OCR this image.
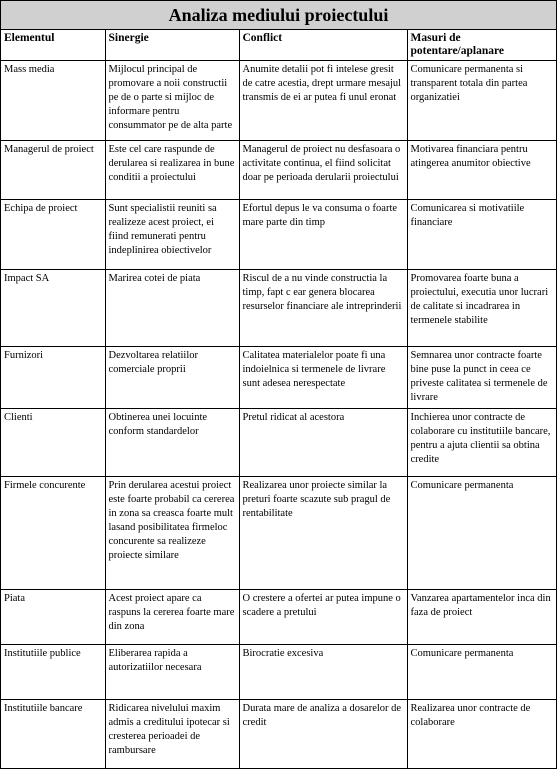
Analiza mediului proiectului
Elementul	Sinergie	Conflict	Masuri de potentare/aplanare
Mass media	Mijlocul principal de promovare a noii constructii pe de o parte si mijloc de informare pentru consummator pe de alta parte	Anumite detalii pot fi intelese gresit de catre acestia, drept urmare mesajul transmis de ei ar putea fi unul eronat	Comunicare permanenta si transparent totala din partea organizatiei
Managerul de proiect	Este cel care raspunde de derularea si realizarea in bune conditii a proiectului	Managerul de proiect nu desfasoara o activitate continua, el fiind solicitat doar pe perioada derularii proiectului	Motivarea financiara pentru atingerea anumitor obiective
Echipa de proiect	Sunt specialistii reuniti sa realizeze acest proiect, ei fiind remunerati pentru indeplinirea obiectivelor	Efortul depus le va consuma o foarte mare parte din timp	Comunicarea si motivatiile financiare
Impact SA	Marirea cotei de piata	Riscul de a nu vinde constructia la timp, fapt c ear genera blocarea resurselor financiare ale intreprinderii	Promovarea foarte buna a proiectului, executia unor lucrari de calitate si incadrarea in termenele stabilite
Furnizori	Dezvoltarea relatiilor comerciale proprii	Calitatea materialelor poate fi una indoielnica si termenele de livrare sunt adesea nerespectate	Semnarea unor contracte foarte bine puse la punct in ceea ce priveste calitatea si termenele de livrare
Clienti	Obtinerea unei locuinte conform standardelor	Pretul ridicat al acestora	Inchierea unor contracte de colaborare cu institutiile bancare, pentru a ajuta clientii sa obtina credite
Firmele concurente	Prin derularea acestui proiect este foarte probabil ca cererea in zona sa creasca foarte mult lasand posibilitatea firmeloc concurente sa realizeze proiecte similare	Realizarea unor proiecte similar la preturi foarte scazute sub pragul de rentabilitate	Comunicare permanenta
Piata	Acest proiect apare ca raspuns la cererea foarte mare din zona	O crestere a ofertei ar putea impune o scadere a pretului	Vanzarea apartamentelor inca din faza de proiect
Institutiile publice	Eliberarea rapida a autorizatiilor necesara	Birocratie excesiva	Comunicare permanenta
Institutiile bancare	Ridicarea nivelului maxim admis a creditului ipotecar si cresterea perioadei de rambursare	Durata mare de analiza a dosarelor de credit	Realizarea unor contracte de colaborare
